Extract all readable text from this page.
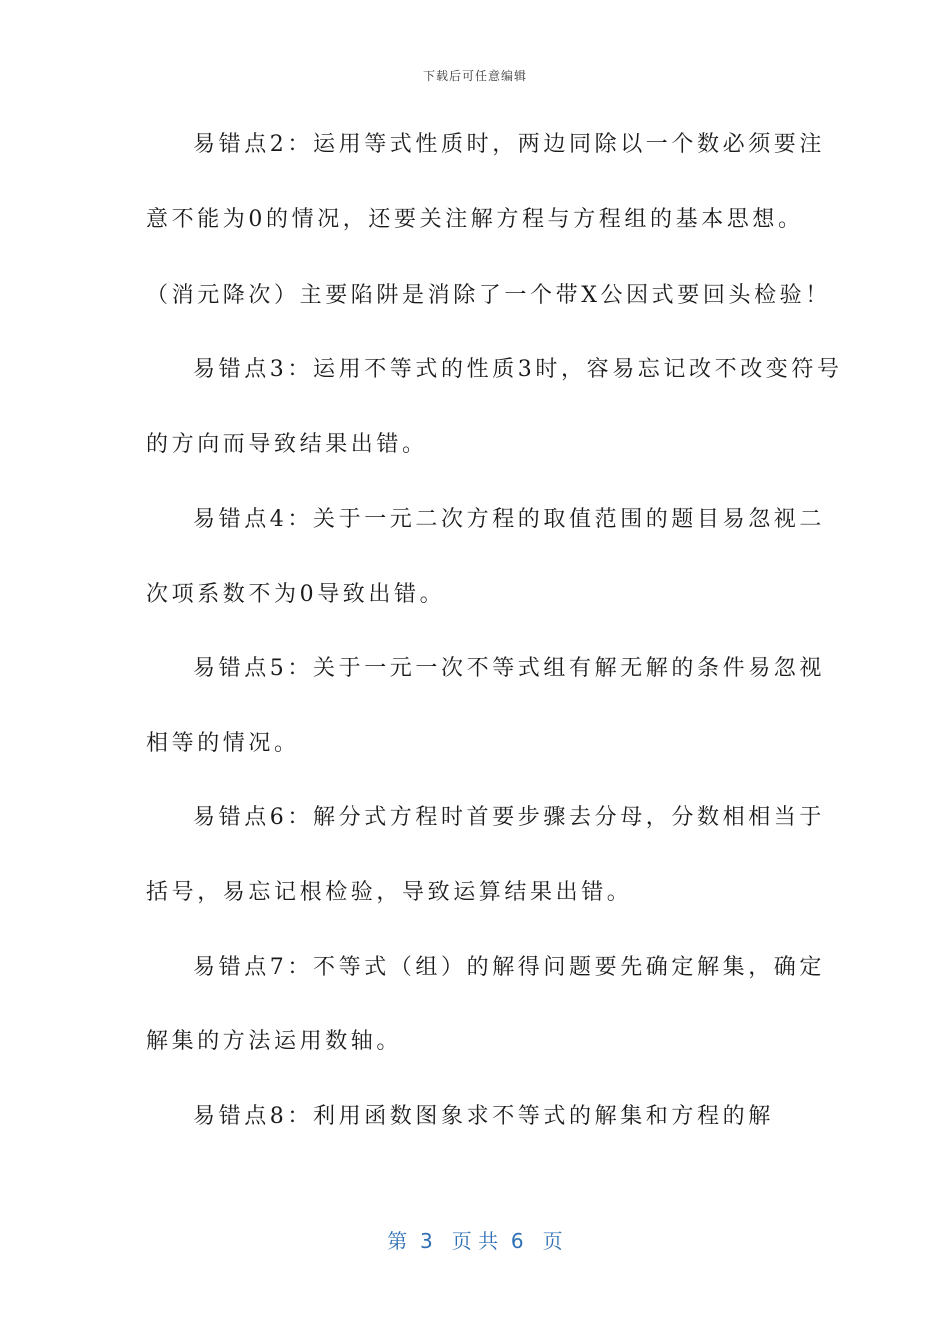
下载后可任意编辑
易错点2：运用等式性质时，两边同除以一个数必须要注
意不能为0的情况，还要关注解方程与方程组的基本思想。
（消元降次）主要陷阱是消除了一个带X公因式要回头检验！
易错点3：运用不等式的性质3时，容易忘记改不改变符号
的方向而导致结果出错。
易错点4：关于一元二次方程的取值范围的题目易忽视二
次项系数不为0导致出错。
易错点5：关于一元一次不等式组有解无解的条件易忽视
相等的情况。
易错点6：解分式方程时首要步骤去分母，分数相相当于
括号，易忘记根检验，导致运算结果出错。
易错点7：不等式（组）的解得问题要先确定解集，确定
解集的方法运用数轴。
易错点8：利用函数图象求不等式的解集和方程的解
第  3   页 共  6   页
